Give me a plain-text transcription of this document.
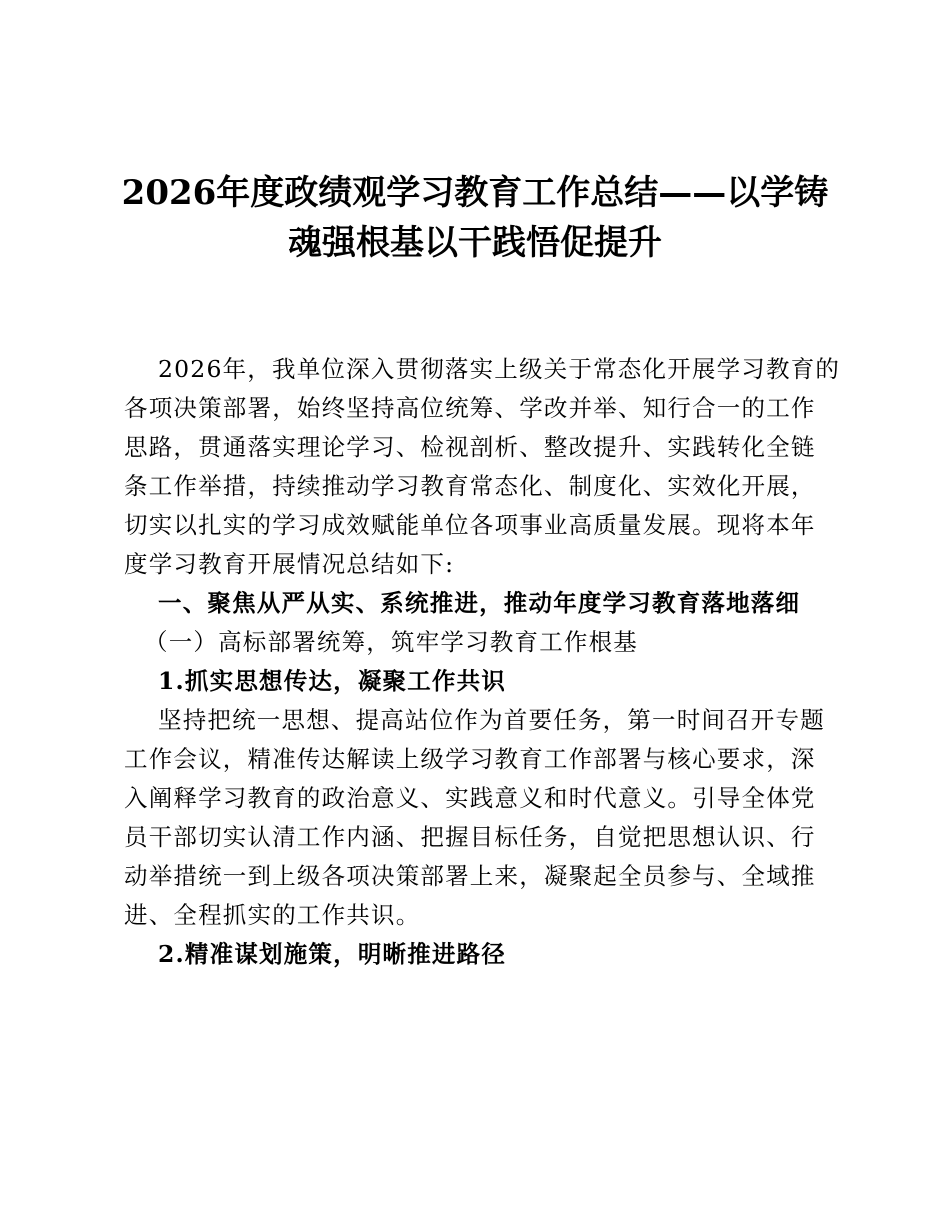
2026年度政绩观学习教育工作总结——以学铸
魂强根基以干践悟促提升
2026年，我单位深入贯彻落实上级关于常态化开展学习教育的
各项决策部署，始终坚持高位统筹、学改并举、知行合一的工作
思路，贯通落实理论学习、检视剖析、整改提升、实践转化全链
条工作举措，持续推动学习教育常态化、制度化、实效化开展，
切实以扎实的学习成效赋能单位各项事业高质量发展。现将本年
度学习教育开展情况总结如下:
一、聚焦从严从实、系统推进，推动年度学习教育落地落细
（一）高标部署统筹，筑牢学习教育工作根基
1.抓实思想传达，凝聚工作共识
坚持把统一思想、提高站位作为首要任务，第一时间召开专题
工作会议，精准传达解读上级学习教育工作部署与核心要求，深
入阐释学习教育的政治意义、实践意义和时代意义。引导全体党
员干部切实认清工作内涵、把握目标任务，自觉把思想认识、行
动举措统一到上级各项决策部署上来，凝聚起全员参与、全域推
进、全程抓实的工作共识。
2.精准谋划施策，明晰推进路径
